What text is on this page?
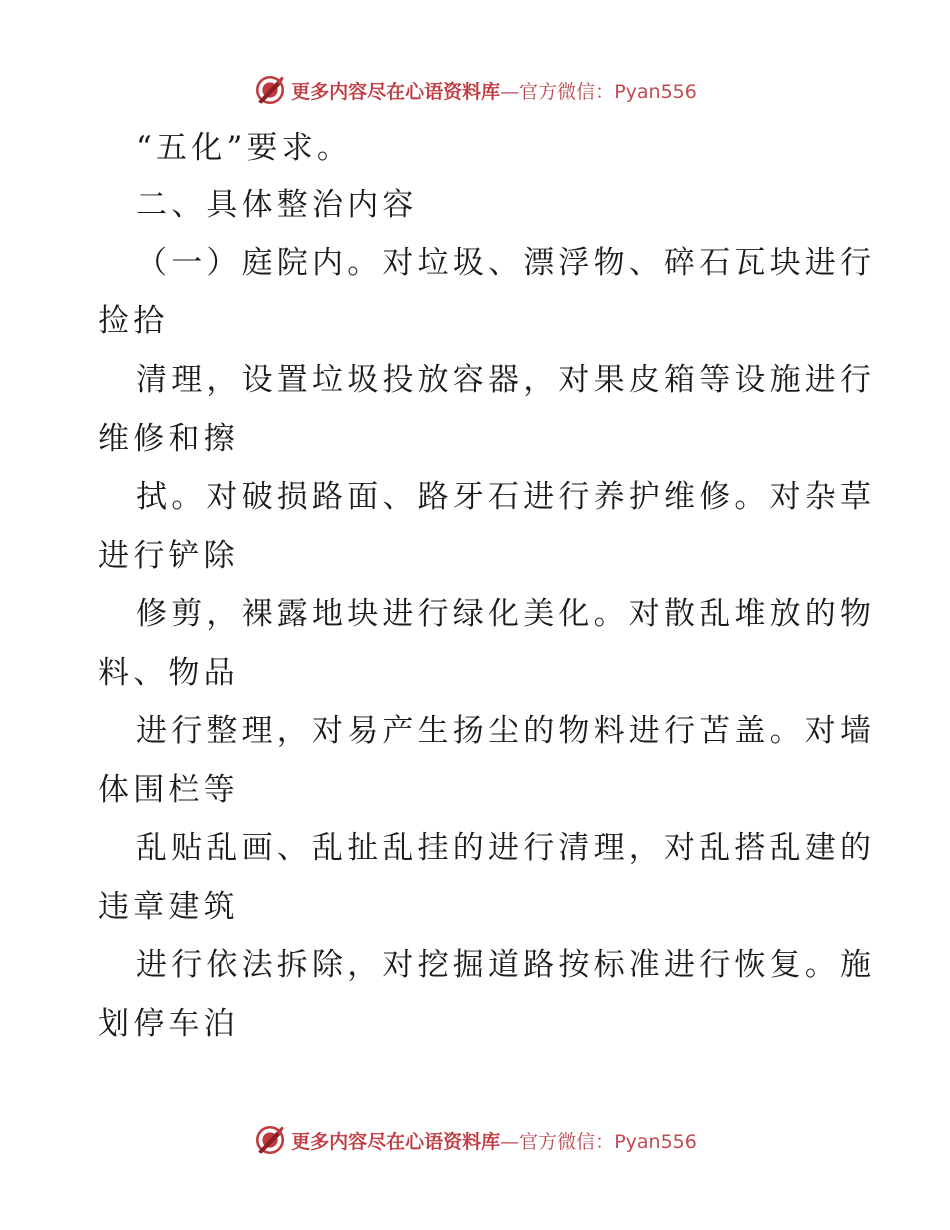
更多内容尽在心语资料库—官方微信：Pyan556
“五化”要求。
二、具体整治内容
（一）庭院内。对垃圾、漂浮物、碎石瓦块进行
捡拾
清理，设置垃圾投放容器，对果皮箱等设施进行
维修和擦
拭。对破损路面、路牙石进行养护维修。对杂草
进行铲除
修剪，裸露地块进行绿化美化。对散乱堆放的物
料、物品
进行整理，对易产生扬尘的物料进行苫盖。对墙
体围栏等
乱贴乱画、乱扯乱挂的进行清理，对乱搭乱建的
违章建筑
进行依法拆除，对挖掘道路按标准进行恢复。施
划停车泊
更多内容尽在心语资料库—官方微信：Pyan556
